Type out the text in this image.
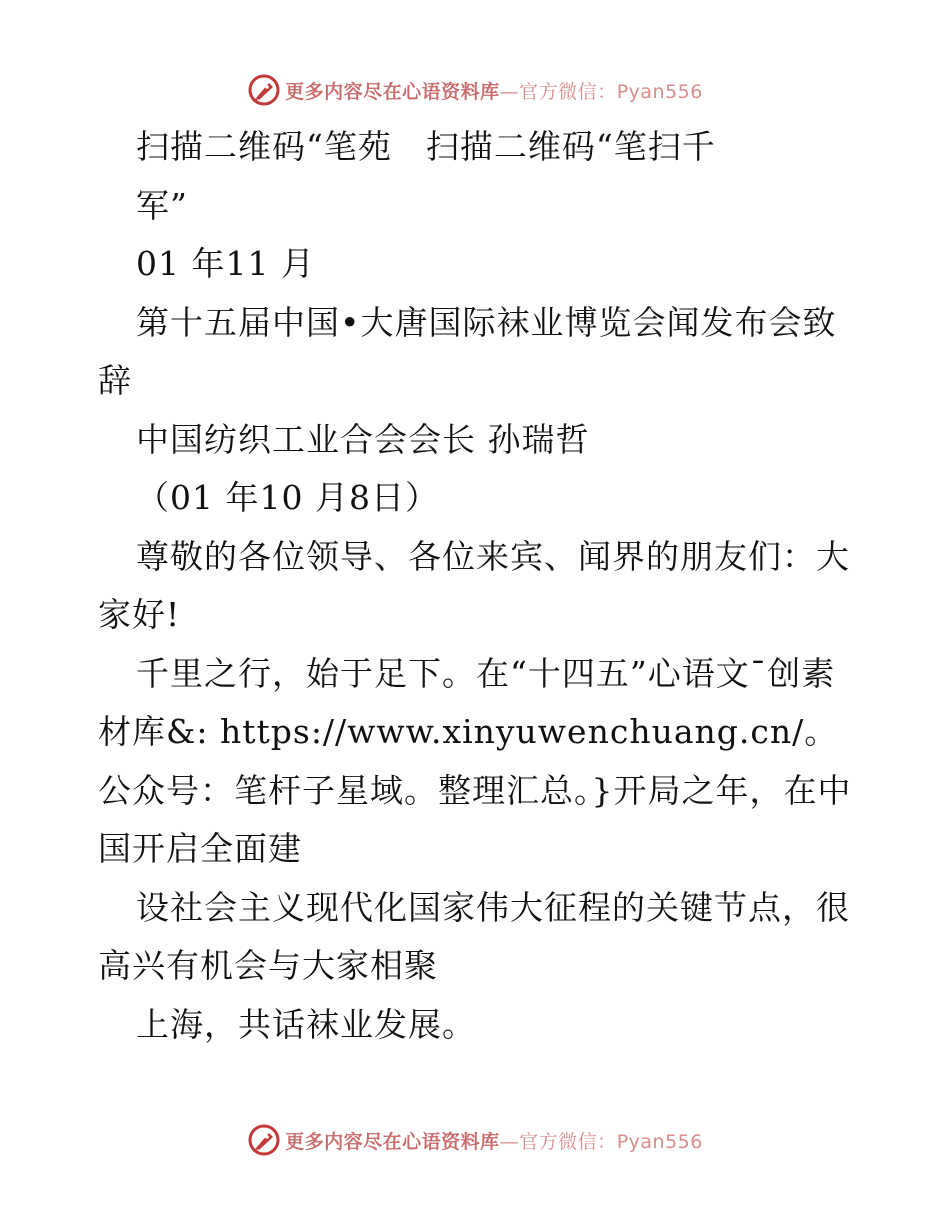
更多内容尽在心语资料库—官方微信：Pyan556

扫描二维码“笔苑　扫描二维码“笔扫千

军”

01 年11 月

第十五届中国•大唐国际袜业博览会闻发布会致辞

中国纺织工业合会会长 孙瑞哲

（01 年10 月8日）

尊敬的各位领导、各位来宾、闻界的朋友们：大家好!

千里之行，始于足下。在“十四五”心语文¯创素材库&: https://www.xinyuwenchuang.cn/。公众号：笔杆子星域。整理汇总。}开局之年，在中国开启全面建

设社会主义现代化国家伟大征程的关键节点，很高兴有机会与大家相聚

上海，共话袜业发展。

更多内容尽在心语资料库—官方微信：Pyan556
